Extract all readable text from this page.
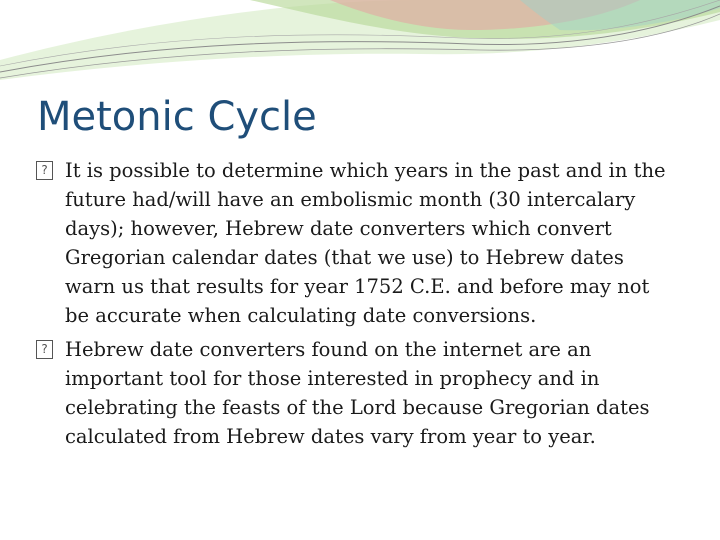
Metonic Cycle
?
It is possible to determine which years in the past and in the future had/will have an embolismic month (30 intercalary days); however, Hebrew date converters which convert Gregorian calendar dates (that we use) to Hebrew dates warn us that results for year 1752 C.E. and before may not be accurate when calculating date conversions.
?
Hebrew date converters found on the internet are an important tool for those interested in prophecy and in celebrating the feasts of the Lord because Gregorian dates calculated from Hebrew dates vary from year to year.
